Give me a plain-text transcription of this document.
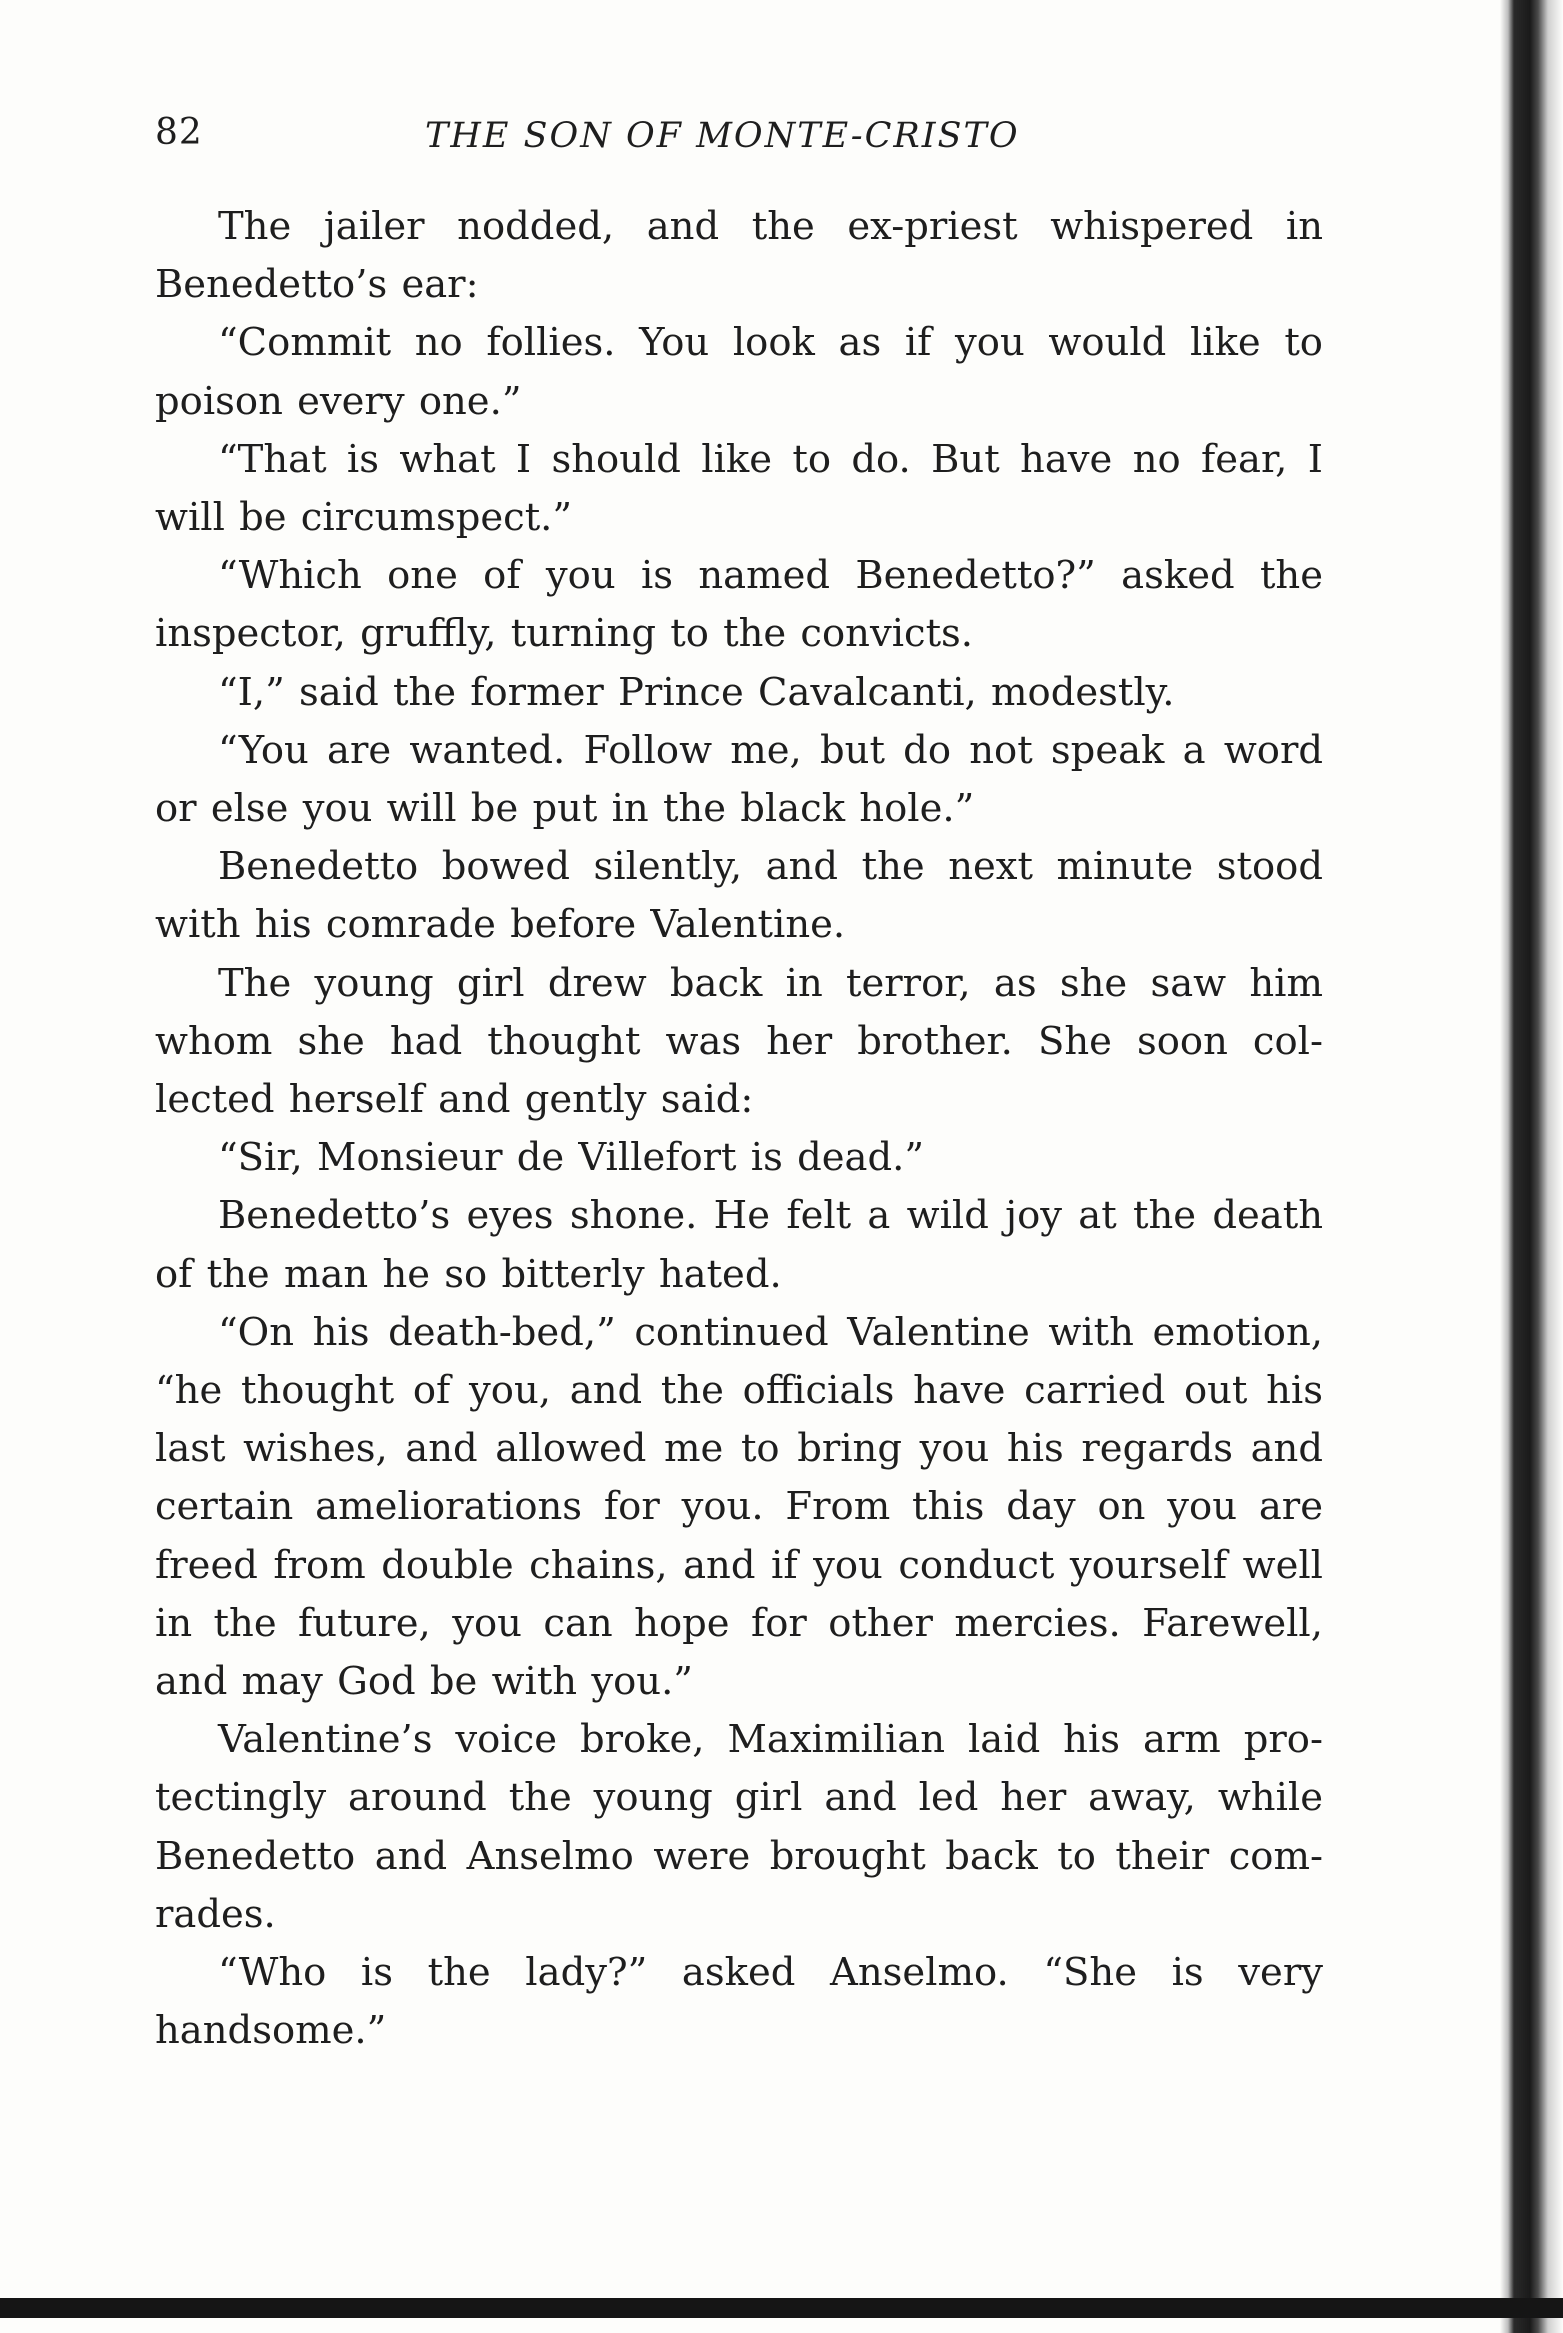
82	THE SON OF MONTE-CRISTO

The jailer nodded, and the ex-priest whispered in Benedetto’s ear:

“Commit no follies. You look as if you would like to poison every one.”

“That is what I should like to do. But have no fear, I will be circumspect.”

“Which one of you is named Benedetto?” asked the inspector, gruffly, turning to the convicts.

“I,” said the former Prince Cavalcanti, modestly.

“You are wanted. Follow me, but do not speak a word or else you will be put in the black hole.”

Benedetto bowed silently, and the next minute stood with his comrade before Valentine.

The young girl drew back in terror, as she saw him whom she had thought was her brother. She soon collected herself and gently said:

“Sir, Monsieur de Villefort is dead.”

Benedetto’s eyes shone. He felt a wild joy at the death of the man he so bitterly hated.

“On his death-bed,” continued Valentine with emotion, “he thought of you, and the officials have carried out his last wishes, and allowed me to bring you his regards and certain ameliorations for you. From this day on you are freed from double chains, and if you conduct yourself well in the future, you can hope for other mercies. Farewell, and may God be with you.”

Valentine’s voice broke, Maximilian laid his arm protectingly around the young girl and led her away, while Benedetto and Anselmo were brought back to their comrades.

“Who is the lady?” asked Anselmo. “She is very handsome.”
